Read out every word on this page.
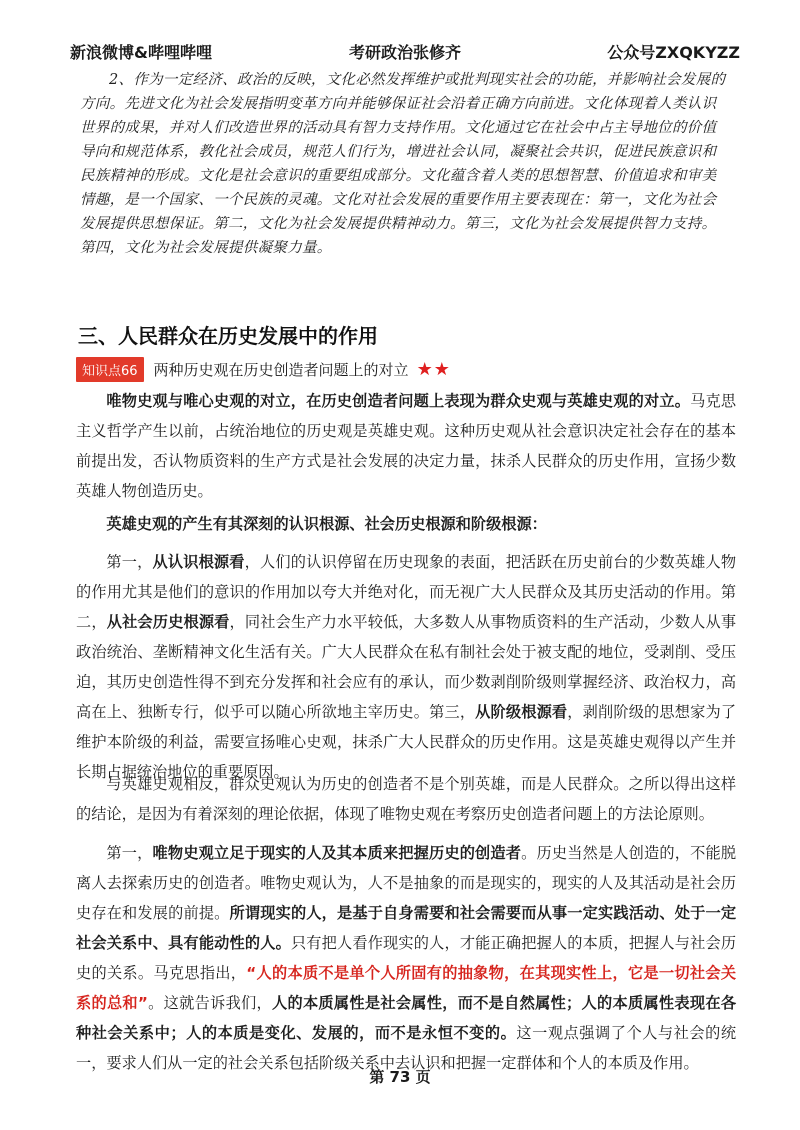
新浪微博&哔哩哔哩	考研政治张修齐	公众号ZXQKYZZ

2、作为一定经济、政治的反映，文化必然发挥维护或批判现实社会的功能，并影响社会发展的方向。先进文化为社会发展指明变革方向并能够保证社会沿着正确方向前进。文化体现着人类认识世界的成果，并对人们改造世界的活动具有智力支持作用。文化通过它在社会中占主导地位的价值导向和规范体系，教化社会成员，规范人们行为，增进社会认同，凝聚社会共识，促进民族意识和民族精神的形成。文化是社会意识的重要组成部分。文化蕴含着人类的思想智慧、价值追求和审美情趣，是一个国家、一个民族的灵魂。文化对社会发展的重要作用主要表现在：第一，文化为社会发展提供思想保证。第二，文化为社会发展提供精神动力。第三，文化为社会发展提供智力支持。第四，文化为社会发展提供凝聚力量。

三、人民群众在历史发展中的作用
知识点66	两种历史观在历史创造者问题上的对立 ★★

唯物史观与唯心史观的对立，在历史创造者问题上表现为群众史观与英雄史观的对立。马克思主义哲学产生以前，占统治地位的历史观是英雄史观。这种历史观从社会意识决定社会存在的基本前提出发，否认物质资料的生产方式是社会发展的决定力量，抹杀人民群众的历史作用，宣扬少数英雄人物创造历史。

英雄史观的产生有其深刻的认识根源、社会历史根源和阶级根源：

第一，从认识根源看，人们的认识停留在历史现象的表面，把活跃在历史前台的少数英雄人物的作用尤其是他们的意识的作用加以夸大并绝对化，而无视广大人民群众及其历史活动的作用。第二，从社会历史根源看，同社会生产力水平较低，大多数人从事物质资料的生产活动，少数人从事政治统治、垄断精神文化生活有关。广大人民群众在私有制社会处于被支配的地位，受剥削、受压迫，其历史创造性得不到充分发挥和社会应有的承认，而少数剥削阶级则掌握经济、政治权力，高高在上、独断专行，似乎可以随心所欲地主宰历史。第三，从阶级根源看，剥削阶级的思想家为了维护本阶级的利益，需要宣扬唯心史观，抹杀广大人民群众的历史作用。这是英雄史观得以产生并长期占据统治地位的重要原因。

与英雄史观相反，群众史观认为历史的创造者不是个别英雄，而是人民群众。之所以得出这样的结论，是因为有着深刻的理论依据，体现了唯物史观在考察历史创造者问题上的方法论原则。

第一，唯物史观立足于现实的人及其本质来把握历史的创造者。历史当然是人创造的，不能脱离人去探索历史的创造者。唯物史观认为，人不是抽象的而是现实的，现实的人及其活动是社会历史存在和发展的前提。所谓现实的人，是基于自身需要和社会需要而从事一定实践活动、处于一定社会关系中、具有能动性的人。只有把人看作现实的人，才能正确把握人的本质，把握人与社会历史的关系。马克思指出，“人的本质不是单个人所固有的抽象物，在其现实性上，它是一切社会关系的总和”。这就告诉我们，人的本质属性是社会属性，而不是自然属性；人的本质属性表现在各种社会关系中；人的本质是变化、发展的，而不是永恒不变的。这一观点强调了个人与社会的统一，要求人们从一定的社会关系包括阶级关系中去认识和把握一定群体和个人的本质及作用。

第 73 页
